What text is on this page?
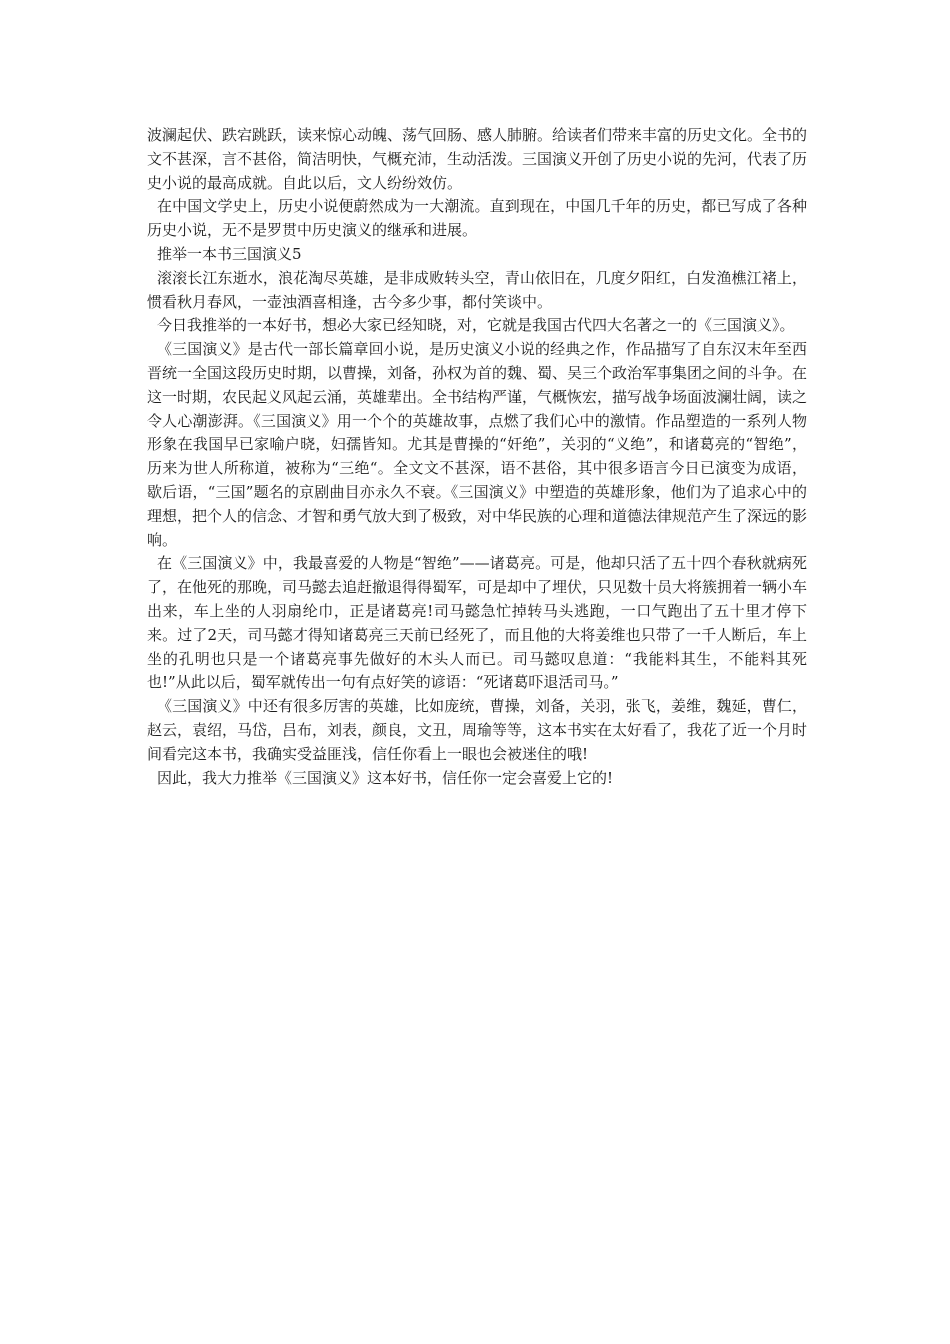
波澜起伏、跌宕跳跃，读来惊心动魄、荡气回肠、感人肺腑。给读者们带来丰富的历史文化。全书的文不甚深，言不甚俗，简洁明快，气概充沛，生动活泼。三国演义开创了历史小说的先河，代表了历史小说的最高成就。自此以后，文人纷纷效仿。

在中国文学史上，历史小说便蔚然成为一大潮流。直到现在，中国几千年的历史，都已写成了各种历史小说，无不是罗贯中历史演义的继承和进展。

推举一本书三国演义5

滚滚长江东逝水，浪花淘尽英雄，是非成败转头空，青山依旧在，几度夕阳红，白发渔樵江褚上，惯看秋月春风，一壶浊酒喜相逢，古今多少事，都付笑谈中。

今日我推举的一本好书，想必大家已经知晓，对，它就是我国古代四大名著之一的《三国演义》。

《三国演义》是古代一部长篇章回小说，是历史演义小说的经典之作，作品描写了自东汉末年至西晋统一全国这段历史时期，以曹操，刘备，孙权为首的魏、蜀、吴三个政治军事集团之间的斗争。在这一时期，农民起义风起云涌，英雄辈出。全书结构严谨，气概恢宏，描写战争场面波澜壮阔，读之令人心潮澎湃。《三国演义》用一个个的英雄故事，点燃了我们心中的激情。作品塑造的一系列人物形象在我国早已家喻户晓，妇孺皆知。尤其是曹操的“奸绝”，关羽的“义绝”，和诸葛亮的“智绝”，历来为世人所称道，被称为“三绝“。全文文不甚深，语不甚俗，其中很多语言今日已演变为成语，歇后语，“三国”题名的京剧曲目亦永久不衰。《三国演义》中塑造的英雄形象，他们为了追求心中的理想，把个人的信念、才智和勇气放大到了极致，对中华民族的心理和道德法律规范产生了深远的影响。

在《三国演义》中，我最喜爱的人物是“智绝”——诸葛亮。可是，他却只活了五十四个春秋就病死了，在他死的那晚，司马懿去追赶撤退得得蜀军，可是却中了埋伏，只见数十员大将簇拥着一辆小车出来，车上坐的人羽扇纶巾，正是诸葛亮!司马懿急忙掉转马头逃跑，一口气跑出了五十里才停下来。过了2天，司马懿才得知诸葛亮三天前已经死了，而且他的大将姜维也只带了一千人断后，车上坐的孔明也只是一个诸葛亮事先做好的木头人而已。司马懿叹息道：“我能料其生，不能料其死也!”从此以后，蜀军就传出一句有点好笑的谚语：“死诸葛吓退活司马。”

《三国演义》中还有很多厉害的英雄，比如庞统，曹操，刘备，关羽，张飞，姜维，魏延，曹仁，赵云，袁绍，马岱，吕布，刘表，颜良，文丑，周瑜等等，这本书实在太好看了，我花了近一个月时间看完这本书，我确实受益匪浅，信任你看上一眼也会被迷住的哦!

因此，我大力推举《三国演义》这本好书，信任你一定会喜爱上它的!
